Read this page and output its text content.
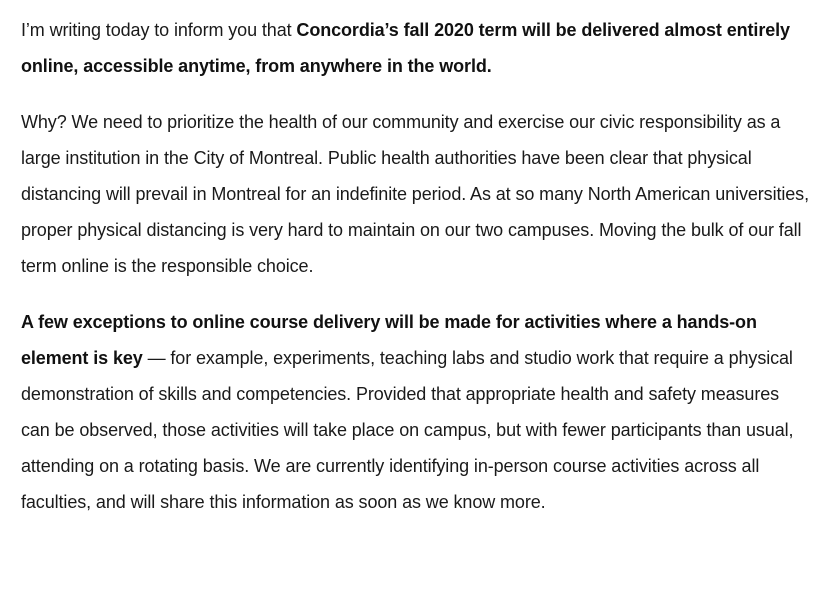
I’m writing today to inform you that Concordia’s fall 2020 term will be delivered almost entirely online, accessible anytime, from anywhere in the world.

Why? We need to prioritize the health of our community and exercise our civic responsibility as a large institution in the City of Montreal. Public health authorities have been clear that physical distancing will prevail in Montreal for an indefinite period. As at so many North American universities, proper physical distancing is very hard to maintain on our two campuses. Moving the bulk of our fall term online is the responsible choice.

A few exceptions to online course delivery will be made for activities where a hands-on element is key — for example, experiments, teaching labs and studio work that require a physical demonstration of skills and competencies. Provided that appropriate health and safety measures can be observed, those activities will take place on campus, but with fewer participants than usual, attending on a rotating basis. We are currently identifying in-person course activities across all faculties, and will share this information as soon as we know more.
